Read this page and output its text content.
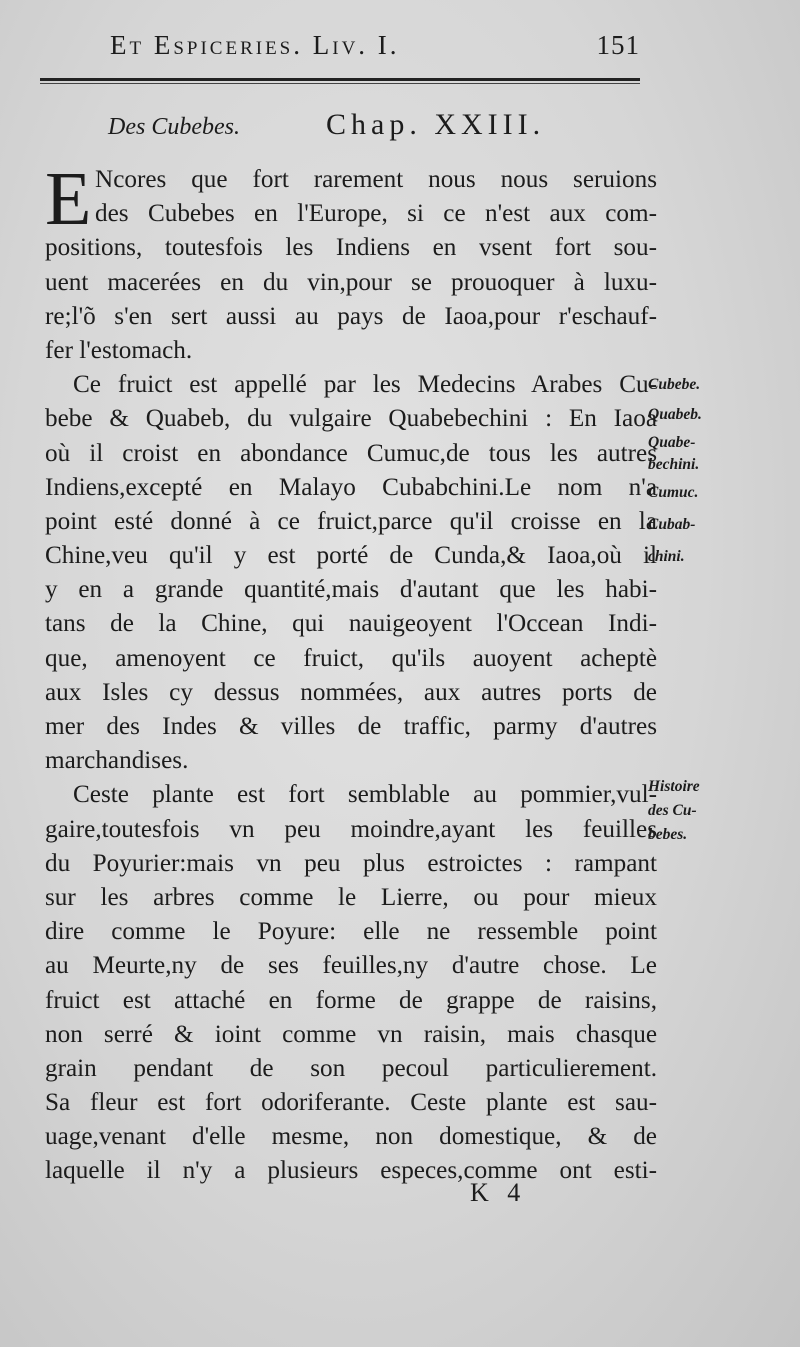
Et Espiceries. Liv. I.	151
Des Cubebes.	Chap. XXIII.
E Ncores que fort rarement nous nous seruions
des Cubebes en l'Europe, si ce n'est aux com-
positions, toutesfois les Indiens en vsent fort sou-
uent macerées en du vin,pour se prouoquer à luxu-
re;l'õ s'en sert aussi au pays de Iaoa,pour r'eschauf-
fer l'estomach.
Ce fruict est appellé par les Medecins Arabes Cu-
bebe & Quabeb, du vulgaire Quabebechini : En Iaoa
où il croist en abondance Cumuc,de tous les autres
Indiens,excepté en Malayo Cubabchini.Le nom n'a
point esté donné à ce fruict,parce qu'il croisse en la
Chine,veu qu'il y est porté de Cunda,& Iaoa,où il
y en a grande quantité,mais d'autant que les habi-
tans de la Chine, qui nauigeoyent l'Occean Indi-
que, amenoyent ce fruict, qu'ils auoyent acheptè
aux Isles cy dessus nommées, aux autres ports de
mer des Indes & villes de traffic, parmy d'autres
marchandises.
Ceste plante est fort semblable au pommier,vul-
gaire,toutesfois vn peu moindre,ayant les feuilles
du Poyurier:mais vn peu plus estroictes : rampant
sur les arbres comme le Lierre, ou pour mieux
dire comme le Poyure: elle ne ressemble point
au Meurte,ny de ses feuilles,ny d'autre chose. Le
fruict est attaché en forme de grappe de raisins,
non serré & ioint comme vn raisin, mais chasque
grain pendant de son pecoul particulierement.
Sa fleur est fort odoriferante. Ceste plante est sau-
uage,venant d'elle mesme, non domestique, & de
laquelle il n'y a plusieurs especes,comme ont esti-
Cubebe.
Quabeb.
Quabe-
bechini.
Cumuc.
Cubab-
chini.
Histoire
des Cu-
bebes.
K 4
